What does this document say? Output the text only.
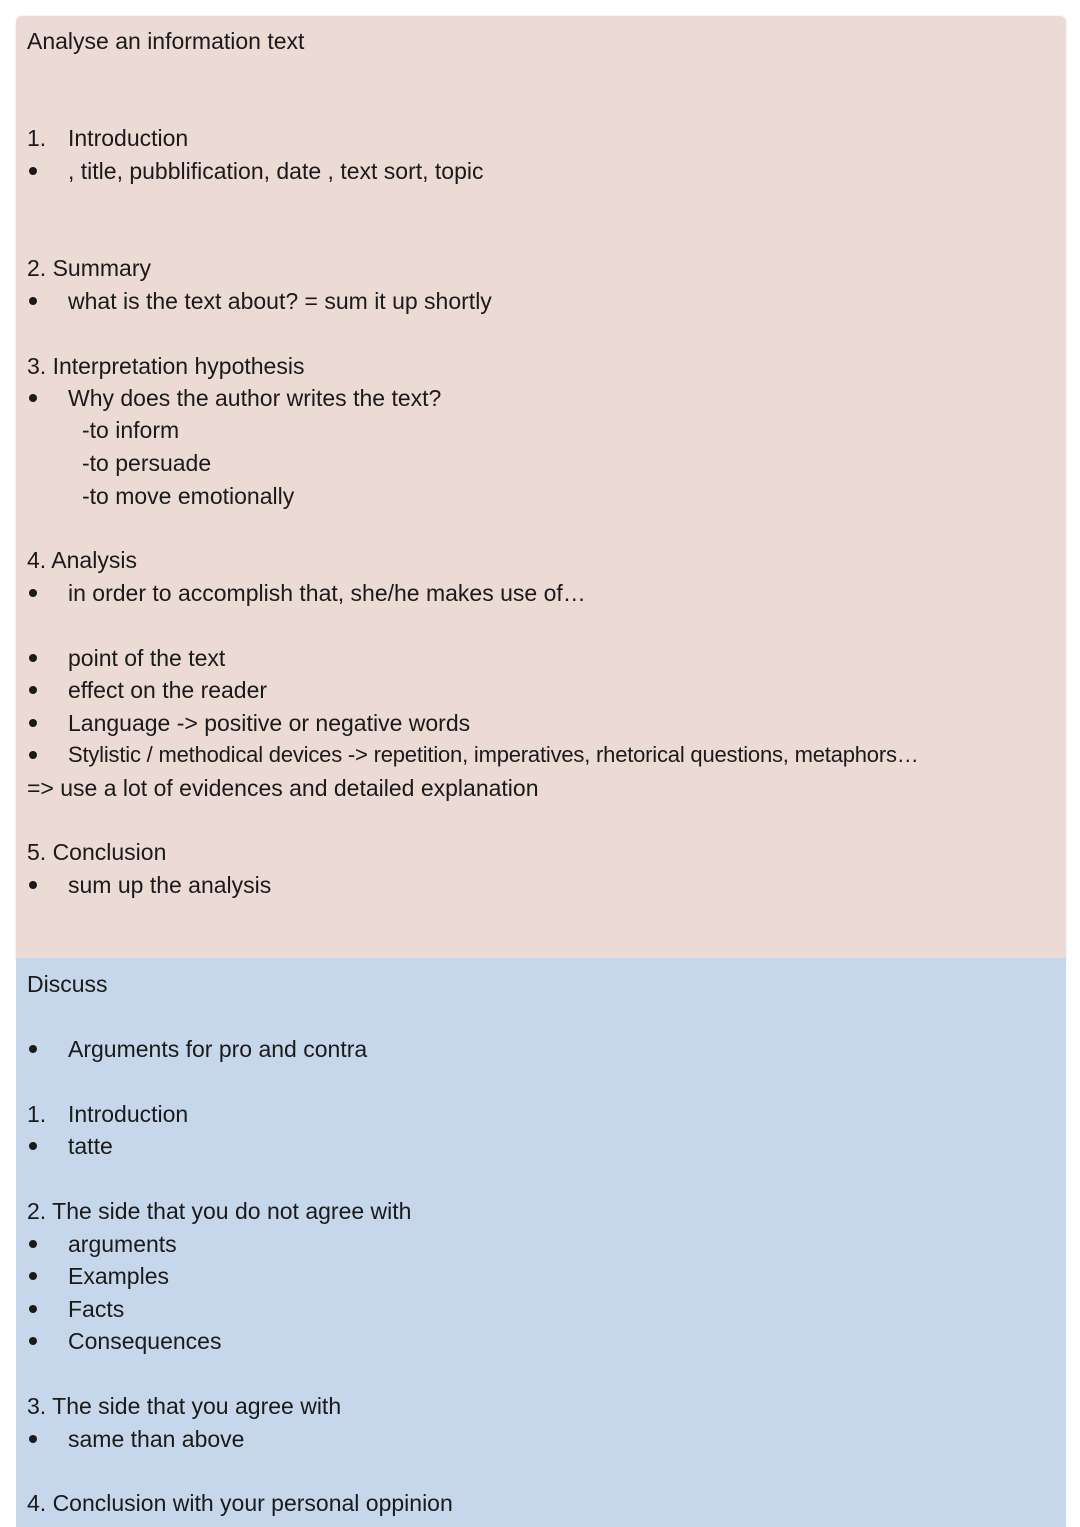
Analyse an information text
1. Introduction
, title, pubblification, date , text sort, topic
2. Summary
what is the text about? = sum it up shortly
3. Interpretation hypothesis
Why does the author writes the text?
-to inform
-to persuade
-to move emotionally
4. Analysis
in order to accomplish that, she/he makes use of…
point of the text
effect on the reader
Language -> positive or negative words
Stylistic / methodical devices -> repetition, imperatives, rhetorical questions, metaphors…
=> use a lot of evidences and detailed explanation
5. Conclusion
sum up the analysis
Discuss
Arguments for pro and contra
1. Introduction
tatte
2. The side that you do not agree with
arguments
Examples
Facts
Consequences
3. The side that you agree with
same than above
4. Conclusion with your personal oppinion
